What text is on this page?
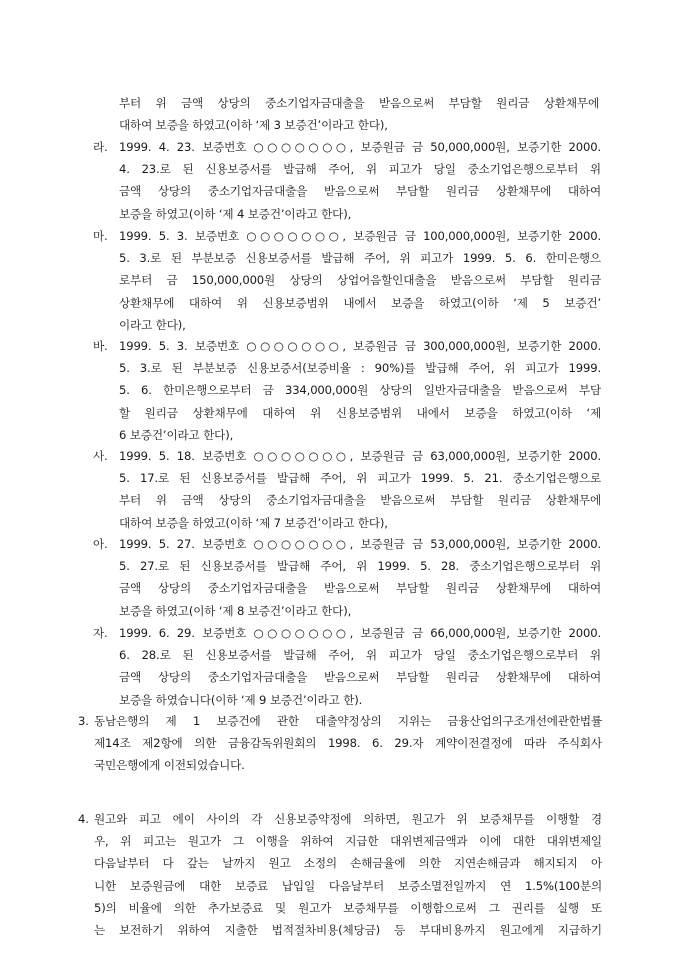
부터 위 금액 상당의 중소기업자금대출을 받음으로써 부담할 원리금 상환채무에
대하여 보증을 하였고(이하 ‘제 3 보증건’이라고 한다),
라. 1999. 4. 23. 보증번호 ○○○○○○○, 보증원금 금 50,000,000원, 보증기한 2000.
4. 23.로 된 신용보증서를 발급해 주어, 위 피고가 당일 중소기업은행으로부터 위
금액 상당의 중소기업자금대출을 받음으로써 부담할 원리금 상환채무에 대하여
보증을 하였고(이하 ‘제 4 보증건’이라고 한다),
마. 1999. 5. 3. 보증번호 ○○○○○○○, 보증원금 금 100,000,000원, 보증기한 2000.
5. 3.로 된 부분보증 신용보증서를 발급해 주어, 위 피고가 1999. 5. 6. 한미은행으
로부터 금 150,000,000원 상당의 상업어음할인대출을 받음으로써 부담할 원리금
상환채무에 대하여 위 신용보증범위 내에서 보증을 하였고(이하 ‘제 5 보증건’
이라고 한다),
바. 1999. 5. 3. 보증번호 ○○○○○○○, 보증원금 금 300,000,000원, 보증기한 2000.
5. 3.로 된 부분보증 신용보증서(보증비율 : 90%)를 발급해 주어, 위 피고가 1999.
5. 6. 한미은행으로부터 금 334,000,000원 상당의 일반자금대출을 받음으로써 부담
할 원리금 상환채무에 대하여 위 신용보증범위 내에서 보증을 하였고(이하 ‘제
6 보증건’이라고 한다),
사. 1999. 5. 18. 보증번호 ○○○○○○○, 보증원금 금 63,000,000원, 보증기한 2000.
5. 17.로 된 신용보증서를 발급해 주어, 위 피고가 1999. 5. 21. 중소기업은행으로
부터 위 금액 상당의 중소기업자금대출을 받음으로써 부담할 원리금 상환채무에
대하여 보증을 하였고(이하 ‘제 7 보증건’이라고 한다),
아. 1999. 5. 27. 보증번호 ○○○○○○○, 보증원금 금 53,000,000원, 보증기한 2000.
5. 27.로 된 신용보증서를 발급해 주어, 위 1999. 5. 28. 중소기업은행으로부터 위
금액 상당의 중소기업자금대출을 받음으로써 부담할 원리금 상환채무에 대하여
보증을 하였고(이하 ‘제 8 보증건’이라고 한다),
자. 1999. 6. 29. 보증번호 ○○○○○○○, 보증원금 금 66,000,000원, 보증기한 2000.
6. 28.로 된 신용보증서를 발급해 주어, 위 피고가 당일 중소기업은행으로부터 위
금액 상당의 중소기업자금대출을 받음으로써 부담할 원리금 상환채무에 대하여
보증을 하였습니다(이하 ‘제 9 보증건’이라고 한).
3. 동남은행의 제 1 보증건에 관한 대출약정상의 지위는 금융산업의구조개선에관한법률
제14조 제2항에 의한 금융감독위원회의 1998. 6. 29.자 계약이전결정에 따라 주식회사
국민은행에게 이전되었습니다.
4. 원고와 피고 에이 사이의 각 신용보증약정에 의하면, 원고가 위 보증채무를 이행할 경
우, 위 피고는 원고가 그 이행을 위하여 지급한 대위변제금액과 이에 대한 대위변제일
다음날부터 다 갚는 날까지 원고 소정의 손해금율에 의한 지연손해금과 해지되지 아
니한 보증원금에 대한 보증료 납입일 다음날부터 보증소멸전일까지 연 1.5%(100분의
5)의 비율에 의한 추가보증료 및 원고가 보증채무를 이행함으로써 그 권리를 실행 또
는 보전하기 위하여 지출한 법적절차비용(체당금) 등 부대비용까지 원고에게 지급하기
